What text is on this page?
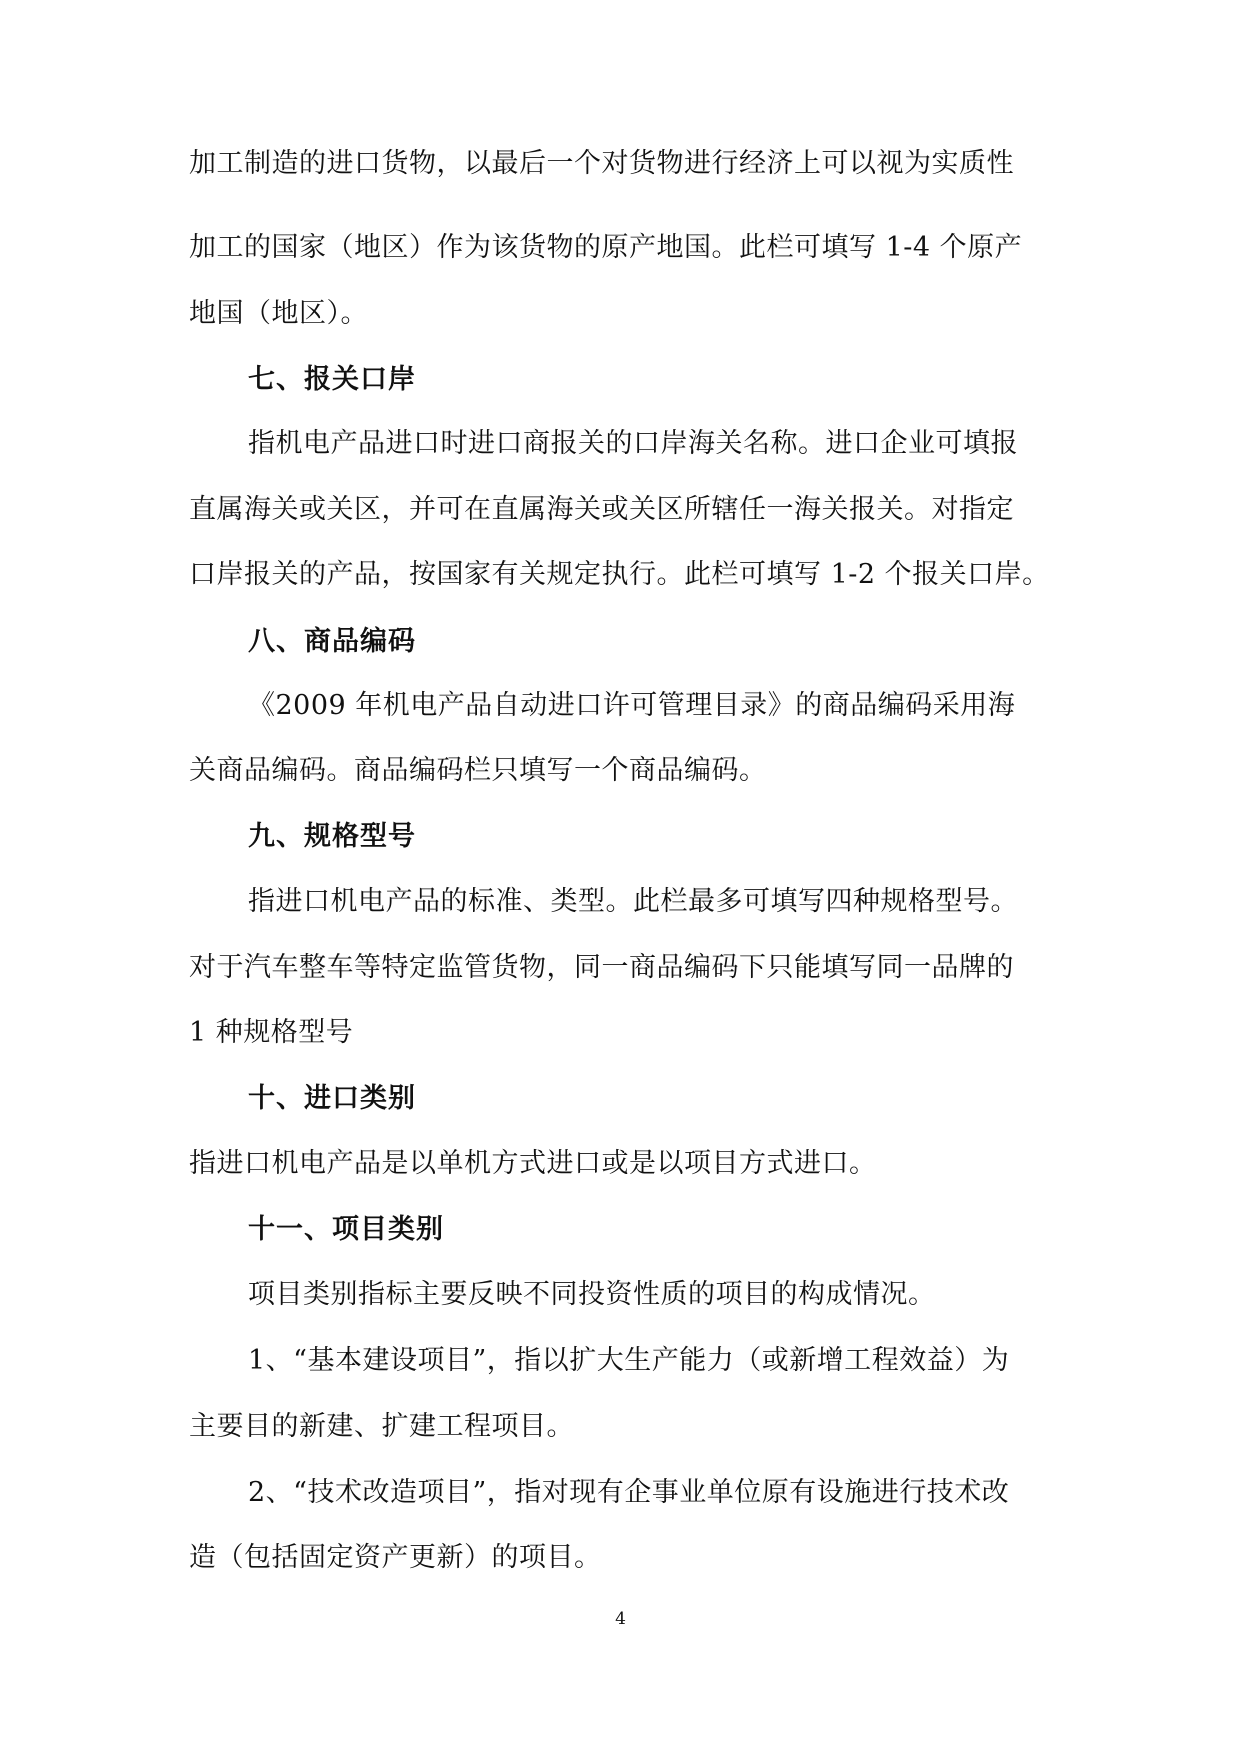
加工制造的进口货物，以最后一个对货物进行经济上可以视为实质性
加工的国家（地区）作为该货物的原产地国。此栏可填写 1-4 个原产
地国（地区）。
七、报关口岸
指机电产品进口时进口商报关的口岸海关名称。进口企业可填报
直属海关或关区，并可在直属海关或关区所辖任一海关报关。对指定
口岸报关的产品，按国家有关规定执行。此栏可填写 1-2 个报关口岸。
八、商品编码
《2009 年机电产品自动进口许可管理目录》的商品编码采用海
关商品编码。商品编码栏只填写一个商品编码。
九、规格型号
指进口机电产品的标准、类型。此栏最多可填写四种规格型号。
对于汽车整车等特定监管货物，同一商品编码下只能填写同一品牌的
1 种规格型号
十、进口类别
指进口机电产品是以单机方式进口或是以项目方式进口。
十一、项目类别
项目类别指标主要反映不同投资性质的项目的构成情况。
1、“基本建设项目”，指以扩大生产能力（或新增工程效益）为
主要目的新建、扩建工程项目。
2、“技术改造项目”，指对现有企事业单位原有设施进行技术改
造（包括固定资产更新）的项目。
4
